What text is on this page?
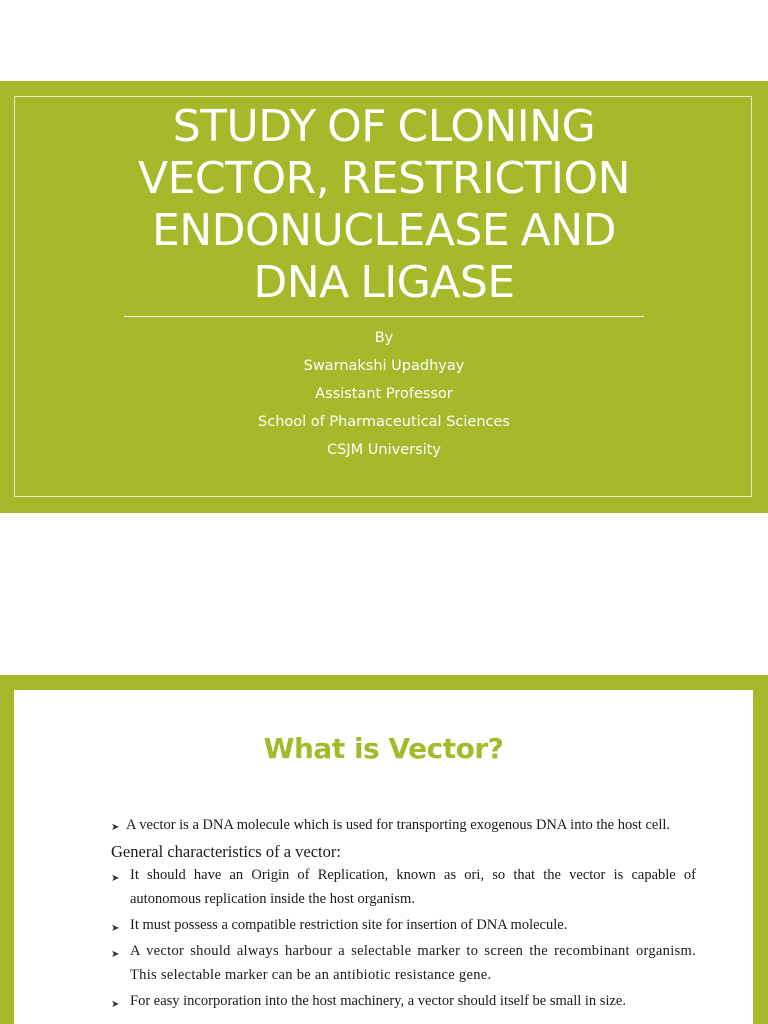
STUDY OF CLONING
VECTOR, RESTRICTION
ENDONUCLEASE AND
DNA LIGASE
By
Swarnakshi Upadhyay
Assistant Professor
School of Pharmaceutical Sciences
CSJM University
What is Vector?
➤ A vector is a DNA molecule which is used for transporting exogenous DNA into the host cell.
General characteristics of a vector:
➤ It should have an Origin of Replication, known as ori, so that the vector is capable of autonomous replication inside the host organism.
➤ It must possess a compatible restriction site for insertion of DNA molecule.
➤ A vector should always harbour a selectable marker to screen the recombinant organism. This selectable marker can be an antibiotic resistance gene.
➤ For easy incorporation into the host machinery, a vector should itself be small in size.
